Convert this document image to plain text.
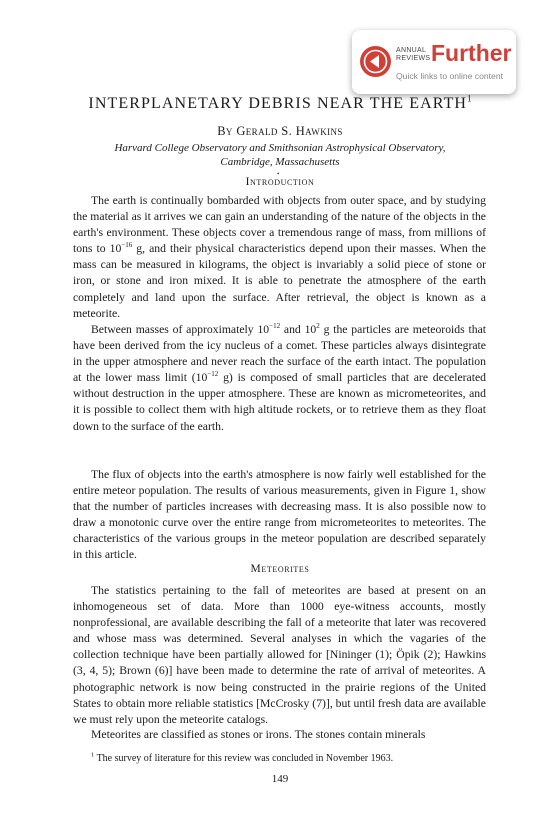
ANNUAL
REVIEWS Further
Quick links to online content
INTERPLANETARY DEBRIS NEAR THE EARTH$^1$
By Gerald S. Hawkins
Harvard College Observatory and Smithsonian Astrophysical Observatory,
Cambridge, Massachusetts
•
Introduction

The earth is continually bombarded with objects from outer space, and by studying the material as it arrives we can gain an understanding of the nature of the objects in the earth's environment. These objects cover a tremendous range of mass, from millions of tons to $10^{-16}$ g, and their physical characteristics depend upon their masses. When the mass can be measured in kilograms, the object is invariably a solid piece of stone or iron, or stone and iron mixed. It is able to penetrate the atmosphere of the earth completely and land upon the surface. After retrieval, the object is known as a meteorite.

Between masses of approximately $10^{-12}$ and $10^2$ g the particles are meteoroids that have been derived from the icy nucleus of a comet. These particles always disintegrate in the upper atmosphere and never reach the surface of the earth intact. The population at the lower mass limit ($10^{-12}$ g) is composed of small particles that are decelerated without destruction in the upper atmosphere. These are known as micrometeorites, and it is possible to collect them with high altitude rockets, or to retrieve them as they float down to the surface of the earth.

The flux of objects into the earth's atmosphere is now fairly well established for the entire meteor population. The results of various measurements, given in Figure 1, show that the number of particles increases with decreasing mass. It is also possible now to draw a monotonic curve over the entire range from micrometeorites to meteorites. The characteristics of the various groups in the meteor population are described separately in this article.

Meteorites

The statistics pertaining to the fall of meteorites are based at present on an inhomogeneous set of data. More than 1000 eye-witness accounts, mostly nonprofessional, are available describing the fall of a meteorite that later was recovered and whose mass was determined. Several analyses in which the vagaries of the collection technique have been partially allowed for [Nininger (1); Öpik (2); Hawkins (3, 4, 5); Brown (6)] have been made to determine the rate of arrival of meteorites. A photographic network is now being constructed in the prairie regions of the United States to obtain more reliable statistics [McCrosky (7)], but until fresh data are available we must rely upon the meteorite catalogs.

Meteorites are classified as stones or irons. The stones contain minerals

$^1$ The survey of literature for this review was concluded in November 1963.
149
